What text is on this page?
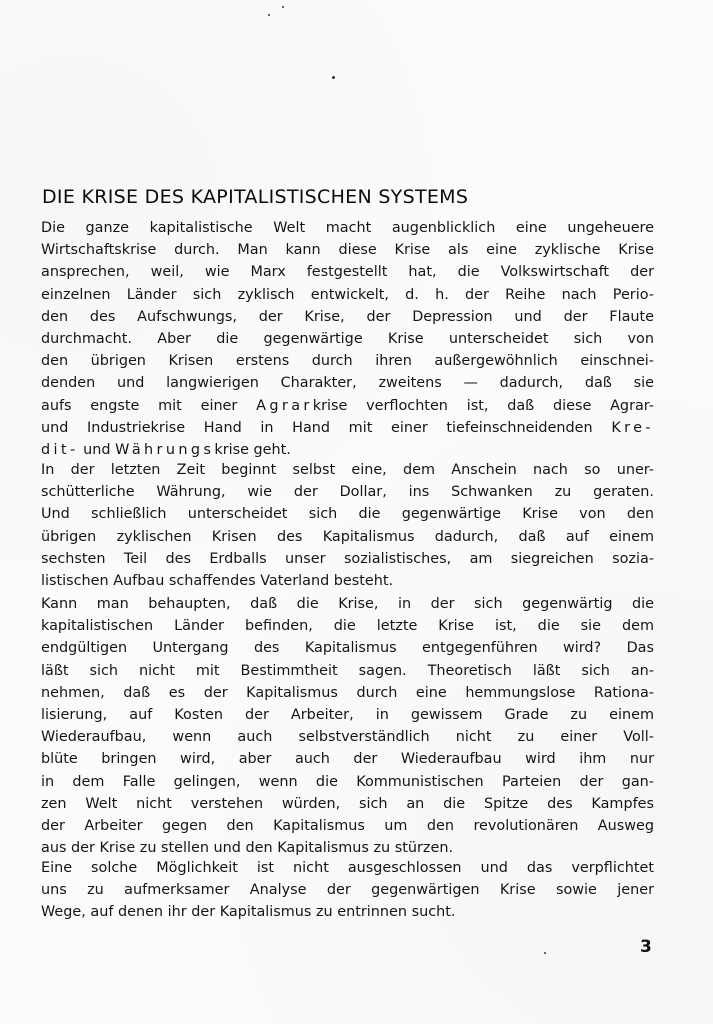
DIE KRISE DES KAPITALISTISCHEN SYSTEMS
Die ganze kapitalistische Welt macht augenblicklich eine ungeheuere
Wirtschaftskrise durch. Man kann diese Krise als eine zyklische Krise
ansprechen, weil, wie Marx festgestellt hat, die Volkswirtschaft der
einzelnen Länder sich zyklisch entwickelt, d. h. der Reihe nach Perio-
den des Aufschwungs, der Krise, der Depression und der Flaute
durchmacht. Aber die gegenwärtige Krise unterscheidet sich von
den übrigen Krisen erstens durch ihren außergewöhnlich einschnei-
denden und langwierigen Charakter, zweitens — dadurch, daß sie
aufs engste mit einer Agrarkrise verflochten ist, daß diese Agrar-
und Industriekrise Hand in Hand mit einer tiefeinschneidenden Kre-
dit- und Währungskrise geht.
In der letzten Zeit beginnt selbst eine, dem Anschein nach so uner-
schütterliche Währung, wie der Dollar, ins Schwanken zu geraten.
Und schließlich unterscheidet sich die gegenwärtige Krise von den
übrigen zyklischen Krisen des Kapitalismus dadurch, daß auf einem
sechsten Teil des Erdballs unser sozialistisches, am siegreichen sozia-
listischen Aufbau schaffendes Vaterland besteht.
Kann man behaupten, daß die Krise, in der sich gegenwärtig die
kapitalistischen Länder befinden, die letzte Krise ist, die sie dem
endgültigen Untergang des Kapitalismus entgegenführen wird? Das
läßt sich nicht mit Bestimmtheit sagen. Theoretisch läßt sich an-
nehmen, daß es der Kapitalismus durch eine hemmungslose Rationa-
lisierung, auf Kosten der Arbeiter, in gewissem Grade zu einem
Wiederaufbau, wenn auch selbstverständlich nicht zu einer Voll-
blüte bringen wird, aber auch der Wiederaufbau wird ihm nur
in dem Falle gelingen, wenn die Kommunistischen Parteien der gan-
zen Welt nicht verstehen würden, sich an die Spitze des Kampfes
der Arbeiter gegen den Kapitalismus um den revolutionären Ausweg
aus der Krise zu stellen und den Kapitalismus zu stürzen.
Eine solche Möglichkeit ist nicht ausgeschlossen und das verpflichtet
uns zu aufmerksamer Analyse der gegenwärtigen Krise sowie jener
Wege, auf denen ihr der Kapitalismus zu entrinnen sucht.
3
